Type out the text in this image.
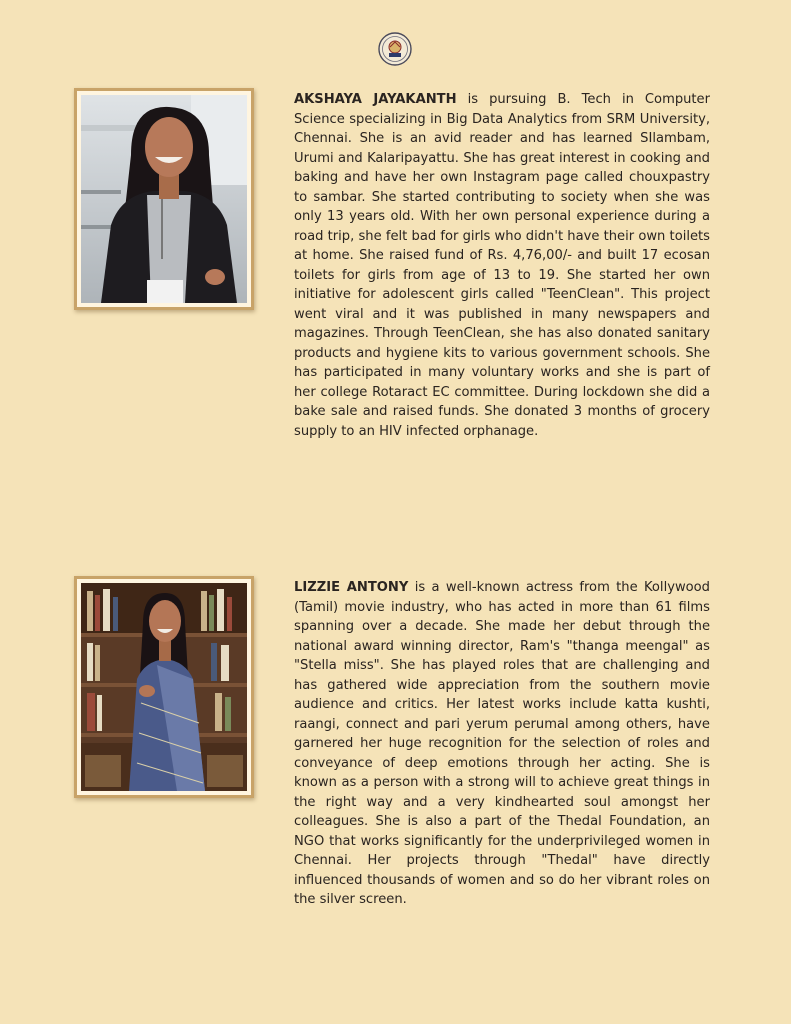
AKSHAYA JAYAKANTH is pursuing B. Tech in Computer Science specializing in Big Data Analytics from SRM University, Chennai. She is an avid reader and has learned SIlambam, Urumi and Kalaripayattu. She has great interest in cooking and baking and have her own Instagram page called chouxpastry to sambar. She started contributing to society when she was only 13 years old. With her own personal experience during a road trip, she felt bad for girls who didn't have their own toilets at home. She raised fund of Rs. 4,76,00/- and built 17 ecosan toilets for girls from age of 13 to 19. She started her own initiative for adolescent girls called "TeenClean". This project went viral and it was published in many newspapers and magazines. Through TeenClean, she has also donated sanitary products and hygiene kits to various government schools. She has participated in many voluntary works and she is part of her college Rotaract EC committee. During lockdown she did a bake sale and raised funds. She donated 3 months of grocery supply to an HIV infected orphanage.

LIZZIE ANTONY is a well-known actress from the Kollywood (Tamil) movie industry, who has acted in more than 61 films spanning over a decade. She made her debut through the national award winning director, Ram's "thanga meengal" as "Stella miss". She has played roles that are challenging and has gathered wide appreciation from the southern movie audience and critics. Her latest works include katta kushti, raangi, connect and pari yerum perumal among others, have garnered her huge recognition for the selection of roles and conveyance of deep emotions through her acting. She is known as a person with a strong will to achieve great things in the right way and a very kindhearted soul amongst her colleagues. She is also a part of the Thedal Foundation, an NGO that works significantly for the underprivileged women in Chennai. Her projects through "Thedal" have directly influenced thousands of women and so do her vibrant roles on the silver screen.
